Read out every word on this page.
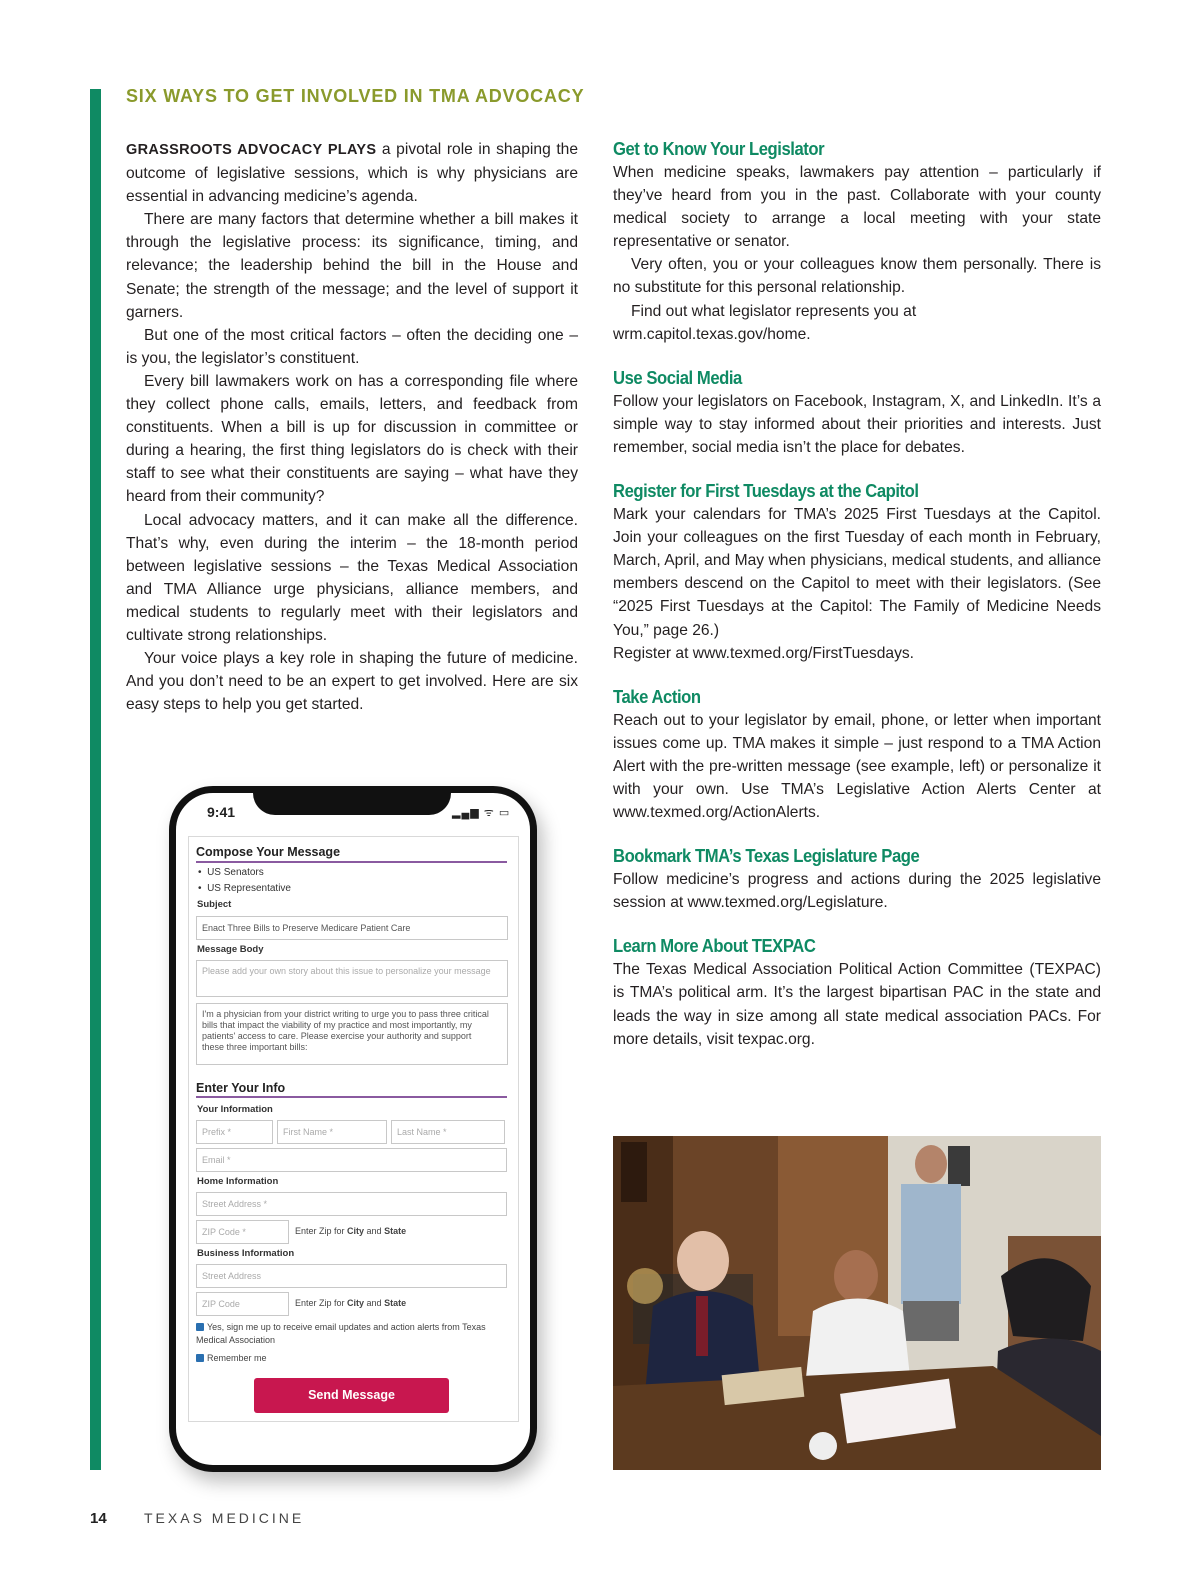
SIX WAYS TO GET INVOLVED IN TMA ADVOCACY

GRASSROOTS ADVOCACY PLAYS a pivotal role in shaping the outcome of legislative sessions, which is why physicians are essential in advancing medicine’s agenda.

There are many factors that determine whether a bill makes it through the legislative process: its significance, timing, and relevance; the leadership behind the bill in the House and Senate; the strength of the message; and the level of support it garners.

But one of the most critical factors – often the deciding one – is you, the legislator’s constituent.

Every bill lawmakers work on has a corresponding file where they collect phone calls, emails, letters, and feedback from constituents. When a bill is up for discussion in committee or during a hearing, the first thing legislators do is check with their staff to see what their constituents are saying – what have they heard from their community?

Local advocacy matters, and it can make all the difference. That’s why, even during the interim – the 18-month period between legislative sessions – the Texas Medical Association and TMA Alliance urge physicians, alliance members, and medical students to regularly meet with their legislators and cultivate strong relationships.

Your voice plays a key role in shaping the future of medicine. And you don’t need to be an expert to get involved. Here are six easy steps to help you get started.

Get to Know Your Legislator

When medicine speaks, lawmakers pay attention – particularly if they’ve heard from you in the past. Collaborate with your county medical society to arrange a local meeting with your state representative or senator.

Very often, you or your colleagues know them personally. There is no substitute for this personal relationship.

Find out what legislator represents you at wrm.capitol.texas.gov/home.

Use Social Media

Follow your legislators on Facebook, Instagram, X, and LinkedIn. It’s a simple way to stay informed about their priorities and interests. Just remember, social media isn’t the place for debates.

Register for First Tuesdays at the Capitol

Mark your calendars for TMA’s 2025 First Tuesdays at the Capitol. Join your colleagues on the first Tuesday of each month in February, March, April, and May when physicians, medical students, and alliance members descend on the Capitol to meet with their legislators. (See “2025 First Tuesdays at the Capitol: The Family of Medicine Needs You,” page 26.)

Register at www.texmed.org/FirstTuesdays.

Take Action

Reach out to your legislator by email, phone, or letter when important issues come up. TMA makes it simple – just respond to a TMA Action Alert with the pre-written message (see example, left) or personalize it with your own. Use TMA’s Legislative Action Alerts Center at www.texmed.org/ActionAlerts.

Bookmark TMA’s Texas Legislature Page

Follow medicine’s progress and actions during the 2025 legislative session at www.texmed.org/Legislature.

Learn More About TEXPAC

The Texas Medical Association Political Action Committee (TEXPAC) is TMA’s political arm. It’s the largest bipartisan PAC in the state and leads the way in size among all state medical association PACs. For more details, visit texpac.org.

9:41	▂▄▆ ᯤ ▭
Compose Your Message
•  US Senators
•  US Representative
Subject
Enact Three Bills to Preserve Medicare Patient Care
Message Body
Please add your own story about this issue to personalize your message
I'm a physician from your district writing to urge you to pass three critical bills that impact the viability of my practice and most importantly, my patients' access to care. Please exercise your authority and support these three important bills:
Enter Your Info
Your Information
Prefix *	First Name *	Last Name *
Email *
Home Information
Street Address *
ZIP Code *	Enter Zip for City and State
Business Information
Street Address
ZIP Code	Enter Zip for City and State
Yes, sign me up to receive email updates and action alerts from Texas Medical Association
Remember me
Send Message
14	TEXAS MEDICINE
